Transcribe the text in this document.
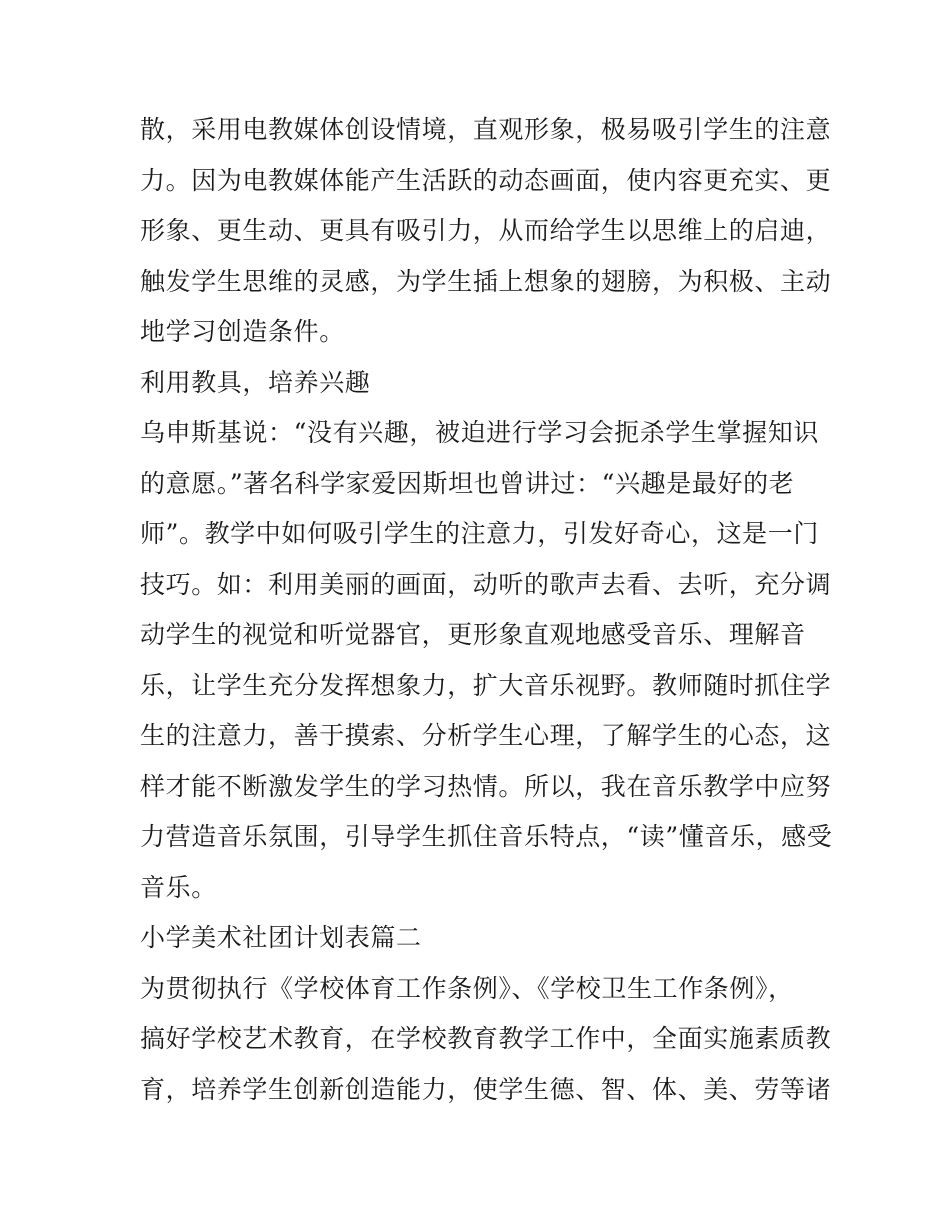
散，采用电教媒体创设情境，直观形象，极易吸引学生的注意
力。因为电教媒体能产生活跃的动态画面，使内容更充实、更
形象、更生动、更具有吸引力，从而给学生以思维上的启迪，
触发学生思维的灵感，为学生插上想象的翅膀，为积极、主动
地学习创造条件。
利用教具，培养兴趣
乌申斯基说：“没有兴趣，被迫进行学习会扼杀学生掌握知识
的意愿。”著名科学家爱因斯坦也曾讲过：“兴趣是最好的老
师”。教学中如何吸引学生的注意力，引发好奇心，这是一门
技巧。如：利用美丽的画面，动听的歌声去看、去听，充分调
动学生的视觉和听觉器官，更形象直观地感受音乐、理解音
乐，让学生充分发挥想象力，扩大音乐视野。教师随时抓住学
生的注意力，善于摸索、分析学生心理，了解学生的心态，这
样才能不断激发学生的学习热情。所以，我在音乐教学中应努
力营造音乐氛围，引导学生抓住音乐特点，“读”懂音乐，感受
音乐。
小学美术社团计划表篇二
为贯彻执行《学校体育工作条例》、《学校卫生工作条例》，
搞好学校艺术教育，在学校教育教学工作中，全面实施素质教
育，培养学生创新创造能力，使学生德、智、体、美、劳等诸
